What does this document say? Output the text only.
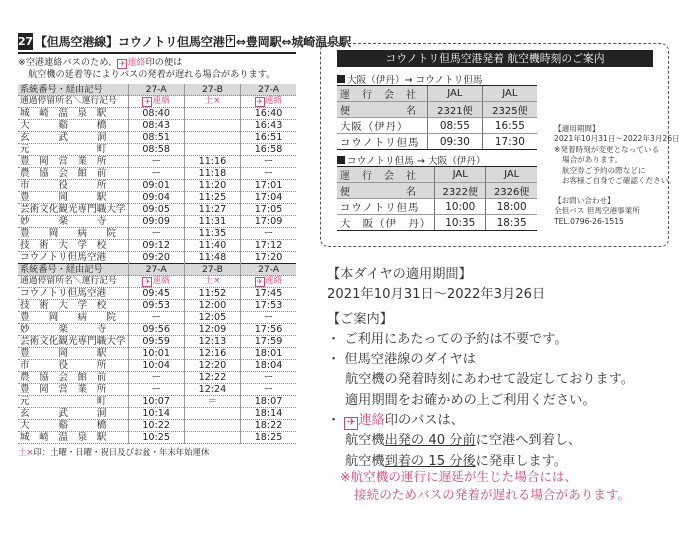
27 【但馬空港線】コウノトリ但馬空港 ✈ ⇔豊岡駅⇔城崎温泉駅
※空港連絡バスのため、 ✈ 連絡印の便は
航空機の延着等によりバスの発着が遅れる場合があります。
系統番号・経由記号	27-A	27-B	27-A
通過停留所名＼運行記号	✈ 連絡	土×	✈ 連絡
城　崎　温　泉　駅	08:40		16:40
大　　　谿　　　橋	08:43		16:43
玄　　　武　　　洞	08:51		16:51
元　　　　　　　町	08:58		16:58
豊　岡　営　業　所	ー	11:16	ー
農　協　会　館　前	ー	11:18	ー
市　　　役　　　所	09:01	11:20	17:01
豊　　　岡　　　駅	09:04	11:25	17:04
芸術文化観光専門職大学	09:05	11:27	17:05
妙　　　楽　　　寺	09:09	11:31	17:09
豊　　岡　　病　　院	ー	11:35	ー
技　術　大　学　校	09:12	11:40	17:12
コウノトリ但馬空港	09:20	11:48	17:20
系統番号・経由記号	27-A	27-B	27-A
通過停留所名＼運行記号	✈ 連絡	土×	✈ 連絡
コウノトリ但馬空港	09:45	11:52	17:45
技　術　大　学　校	09:53	12:00	17:53
豊　　岡　　病　　院	ー	12:05	ー
妙　　　楽　　　寺	09:56	12:09	17:56
芸術文化観光専門職大学	09:59	12:13	17:59
豊　　　岡　　　駅	10:01	12:16	18:01
市　　　役　　　所	10:04	12:20	18:04
農　協　会　館　前	ー	12:22	ー
豊　岡　営　業　所	ー	12:24	ー
元　　　　　　　町	10:07	＝	18:07
玄　　　武　　　洞	10:14		18:14
大　　　谿　　　橋	10:22		18:22
城　崎　温　泉　駅	10:25		18:25
土×印：土曜・日曜・祝日及びお盆・年末年始運休
コウノトリ但馬空港発着 航空機時刻のご案内
大阪（伊丹）→ コウノトリ但馬
運　行　会　社	JAL	JAL
便　　　　　名	2321便	2325便
大阪（伊丹）	08:55	16:55
コウノトリ但馬	09:30	17:30
コウノトリ但馬 → 大阪（伊丹）
運　行　会　社	JAL	JAL
便　　　　　名	2322便	2326便
コウノトリ但馬	10:00	18:00
大　阪（伊　丹）	10:35	18:35
【適用期間】
2021年10月31日〜2022年3月26日
※発着時刻が変更となっている
場合があります。
航空券ご予約の際などに
お客様ご自身でご確認ください。
【お問い合わせ】
全但バス 但馬空港事業所
TEL.0796-26-1515
【本ダイヤの適用期間】
2021年10月31日〜2022年3月26日
【ご案内】
・ ご利用にあたっての予約は不要です。
・ 但馬空港線のダイヤは
航空機の発着時刻にあわせて設定しております。
適用期間をお確かめの上ご利用ください。
・ ✈ 連絡印のバスは、
航空機出発の 40 分前に空港へ到着し、
航空機到着の 15 分後に発車します。
※航空機の運行に遅延が生じた場合には、
接続のためバスの発着が遅れる場合があります。
